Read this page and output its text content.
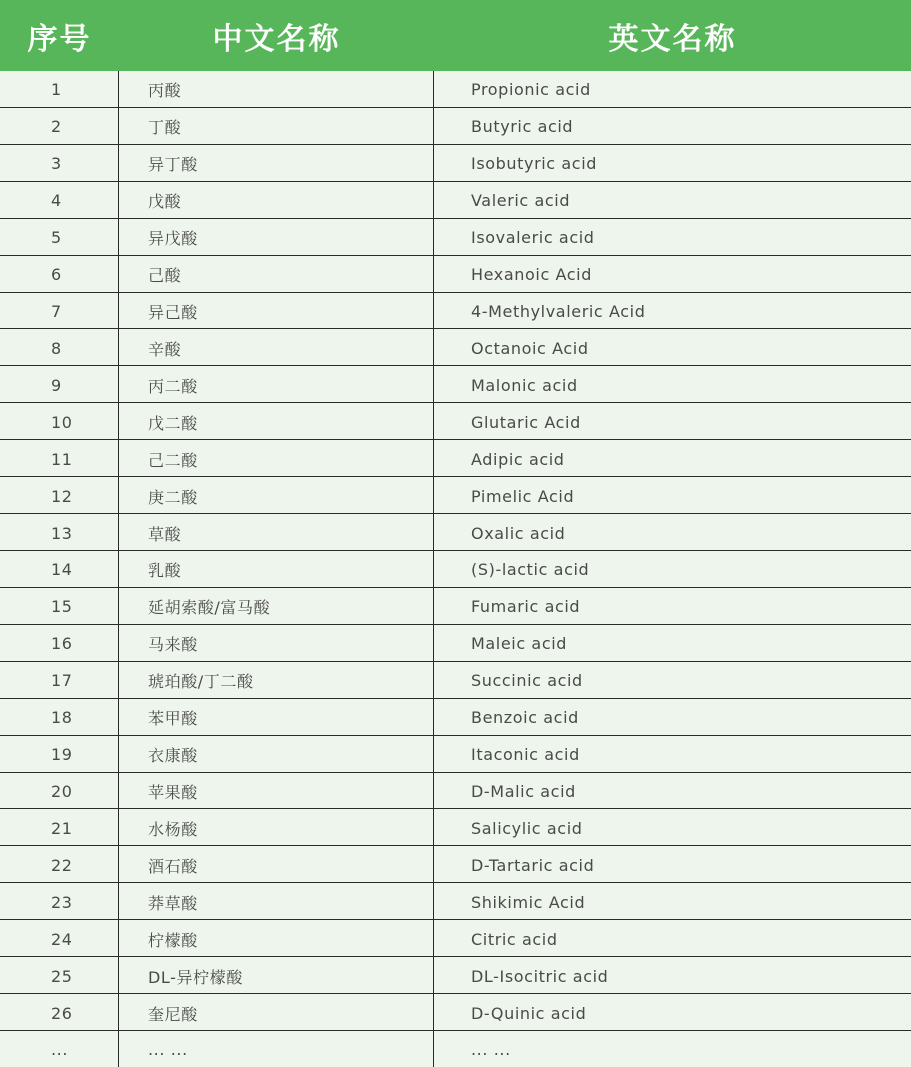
序号	中文名称	英文名称
1	丙酸	Propionic acid
2	丁酸	Butyric acid
3	异丁酸	Isobutyric acid
4	戊酸	Valeric acid
5	异戊酸	Isovaleric acid
6	己酸	Hexanoic Acid
7	异己酸	4-Methylvaleric Acid
8	辛酸	Octanoic Acid
9	丙二酸	Malonic acid
10	戊二酸	Glutaric Acid
11	己二酸	Adipic acid
12	庚二酸	Pimelic Acid
13	草酸	Oxalic acid
14	乳酸	(S)-lactic acid
15	延胡索酸/富马酸	Fumaric acid
16	马来酸	Maleic acid
17	琥珀酸/丁二酸	Succinic acid
18	苯甲酸	Benzoic acid
19	衣康酸	Itaconic acid
20	苹果酸	D-Malic acid
21	水杨酸	Salicylic acid
22	酒石酸	D-Tartaric acid
23	莽草酸	Shikimic Acid
24	柠檬酸	Citric acid
25	DL-异柠檬酸	DL-Isocitric acid
26	奎尼酸	D-Quinic acid
...	... ...	... ...
